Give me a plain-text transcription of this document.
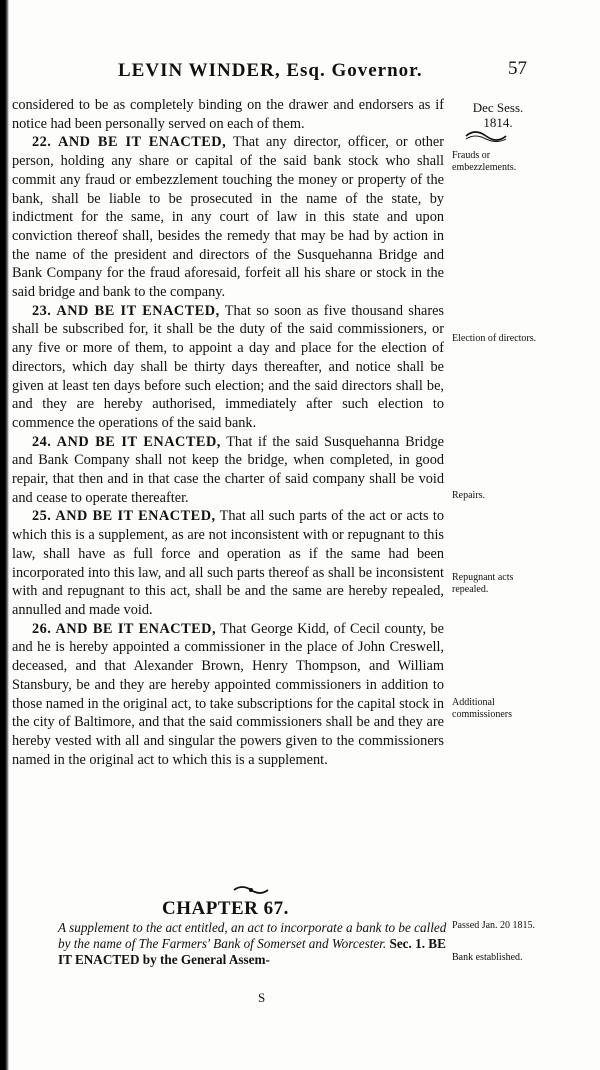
LEVIN WINDER, Esq. Governor.	57
Dec Sess.
1814.
Frauds or embezzlements.
Election of directors.
Repairs.
Repugnant acts repealed.
Additional commissioners
Passed Jan. 20 1815.
Bank established.

considered to be as completely binding on the drawer and endorsers as if notice had been personally served on each of them.

22. AND BE IT ENACTED, That any director, officer, or other person, holding any share or capital of the said bank stock who shall commit any fraud or embezzlement touching the money or property of the bank, shall be liable to be prosecuted in the name of the state, by indictment for the same, in any court of law in this state and upon conviction thereof shall, besides the remedy that may be had by action in the name of the president and directors of the Susquehanna Bridge and Bank Company for the fraud aforesaid, forfeit all his share or stock in the said bridge and bank to the company.

23. AND BE IT ENACTED, That so soon as five thousand shares shall be subscribed for, it shall be the duty of the said commissioners, or any five or more of them, to appoint a day and place for the election of directors, which day shall be thirty days thereafter, and notice shall be given at least ten days before such election; and the said directors shall be, and they are hereby authorised, immediately after such election to commence the operations of the said bank.

24. AND BE IT ENACTED, That if the said Susquehanna Bridge and Bank Company shall not keep the bridge, when completed, in good repair, that then and in that case the charter of said company shall be void and cease to operate thereafter.

25. AND BE IT ENACTED, That all such parts of the act or acts to which this is a supplement, as are not inconsistent with or repugnant to this law, shall have as full force and operation as if the same had been incorporated into this law, and all such parts thereof as shall be inconsistent with and repugnant to this act, shall be and the same are hereby repealed, annulled and made void.

26. AND BE IT ENACTED, That George Kidd, of Cecil county, be and he is hereby appointed a commissioner in the place of John Creswell, deceased, and that Alexander Brown, Henry Thompson, and William Stansbury, be and they are hereby appointed commissioners in addition to those named in the original act, to take subscriptions for the capital stock in the city of Baltimore, and that the said commissioners shall be and they are hereby vested with all and singular the powers given to the commissioners named in the original act to which this is a supplement.

CHAPTER 67.
A supplement to the act entitled, an act to incorporate a bank to be called by the name of The Farmers' Bank of Somerset and Worcester. Sec. 1. BE IT ENACTED by the General Assem-
S
